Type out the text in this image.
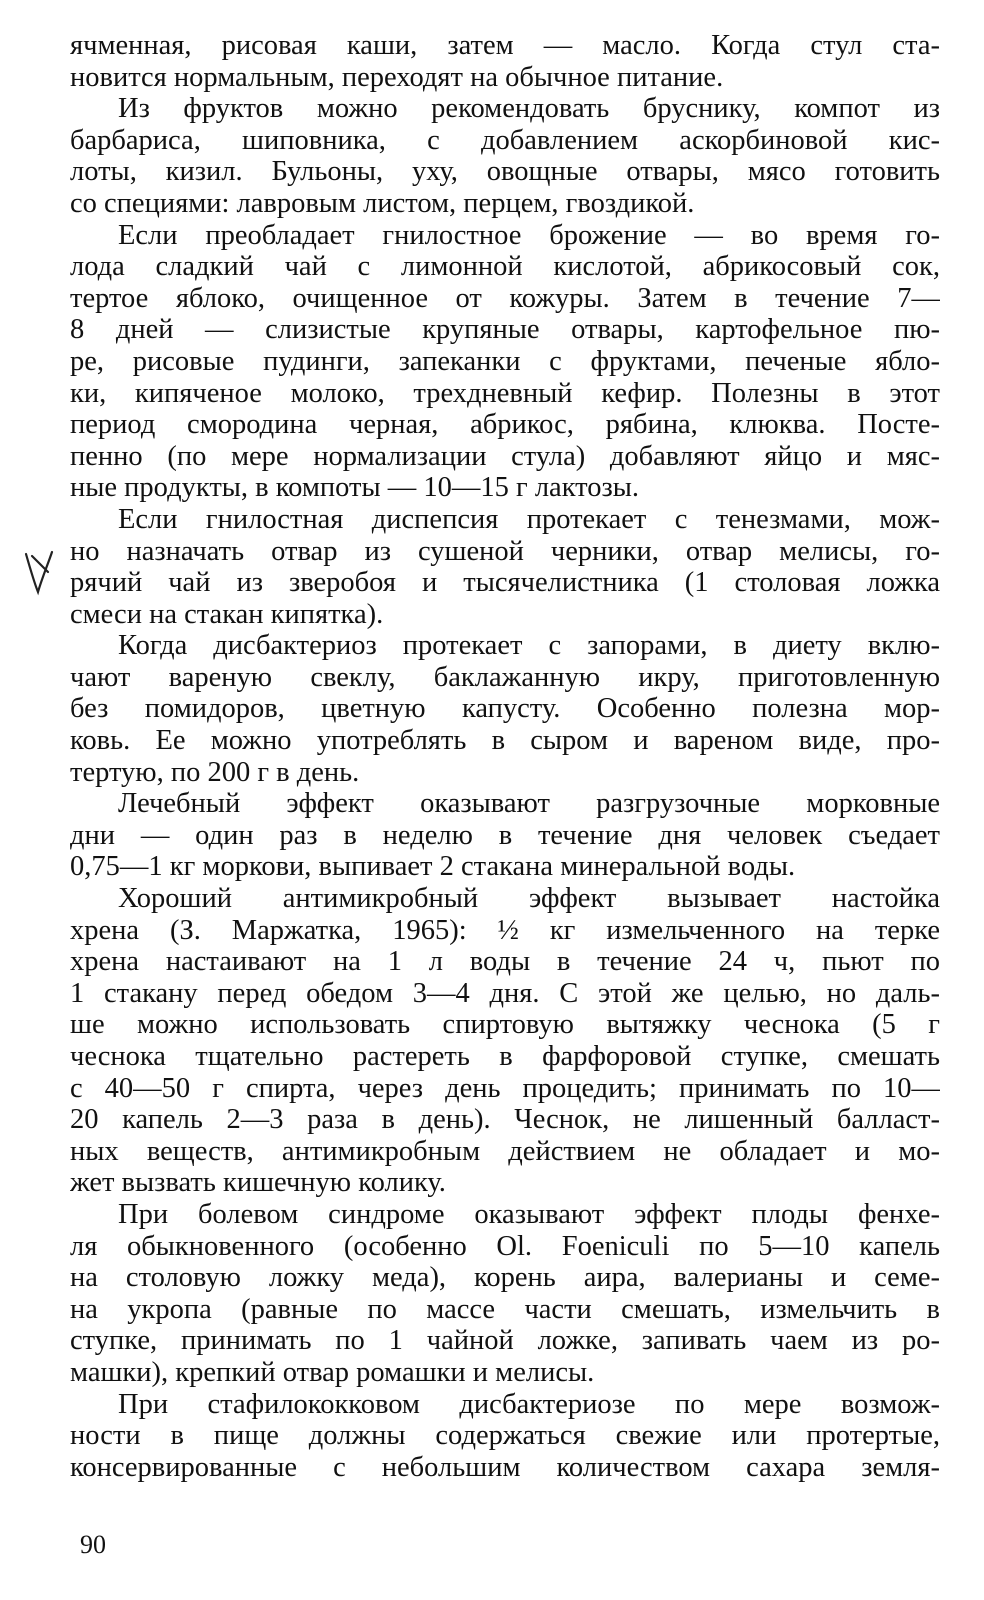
ячменная, рисовая каши, затем — масло. Когда стул ста-
новится нормальным, переходят на обычное питание.
Из фруктов можно рекомендовать бруснику, компот из
барбариса, шиповника, с добавлением аскорбиновой кис-
лоты, кизил. Бульоны, уху, овощные отвары, мясо готовить
со специями: лавровым листом, перцем, гвоздикой.
Если преобладает гнилостное брожение — во время го-
лода сладкий чай с лимонной кислотой, абрикосовый сок,
тертое яблоко, очищенное от кожуры. Затем в течение 7—
8 дней — слизистые крупяные отвары, картофельное пю-
ре, рисовые пудинги, запеканки с фруктами, печеные ябло-
ки, кипяченое молоко, трехдневный кефир. Полезны в этот
период смородина черная, абрикос, рябина, клюква. Посте-
пенно (по мере нормализации стула) добавляют яйцо и мяс-
ные продукты, в компоты — 10—15 г лактозы.
Если гнилостная диспепсия протекает с тенезмами, мож-
но назначать отвар из сушеной черники, отвар мелисы, го-
рячий чай из зверобоя и тысячелистника (1 столовая ложка
смеси на стакан кипятка).
Когда дисбактериоз протекает с запорами, в диету вклю-
чают вареную свеклу, баклажанную икру, приготовленную
без помидоров, цветную капусту. Особенно полезна мор-
ковь. Ее можно употреблять в сыром и вареном виде, про-
тертую, по 200 г в день.
Лечебный эффект оказывают разгрузочные морковные
дни — один раз в неделю в течение дня человек съедает
0,75—1 кг моркови, выпивает 2 стакана минеральной воды.
Хороший антимикробный эффект вызывает настойка
хрена (З. Маржатка, 1965): ½ кг измельченного на терке
хрена настаивают на 1 л воды в течение 24 ч, пьют по
1 стакану перед обедом 3—4 дня. С этой же целью, но даль-
ше можно использовать спиртовую вытяжку чеснока (5 г
чеснока тщательно растереть в фарфоровой ступке, смешать
с 40—50 г спирта, через день процедить; принимать по 10—
20 капель 2—3 раза в день). Чеснок, не лишенный балласт-
ных веществ, антимикробным действием не обладает и мо-
жет вызвать кишечную колику.
При болевом синдроме оказывают эффект плоды фенхе-
ля обыкновенного (особенно Ol. Foeniculi по 5—10 капель
на столовую ложку меда), корень аира, валерианы и семе-
на укропа (равные по массе части смешать, измельчить в
ступке, принимать по 1 чайной ложке, запивать чаем из ро-
машки), крепкий отвар ромашки и мелисы.
При стафилококковом дисбактериозе по мере возмож-
ности в пище должны содержаться свежие или протертые,
консервированные с небольшим количеством сахара земля-
90
